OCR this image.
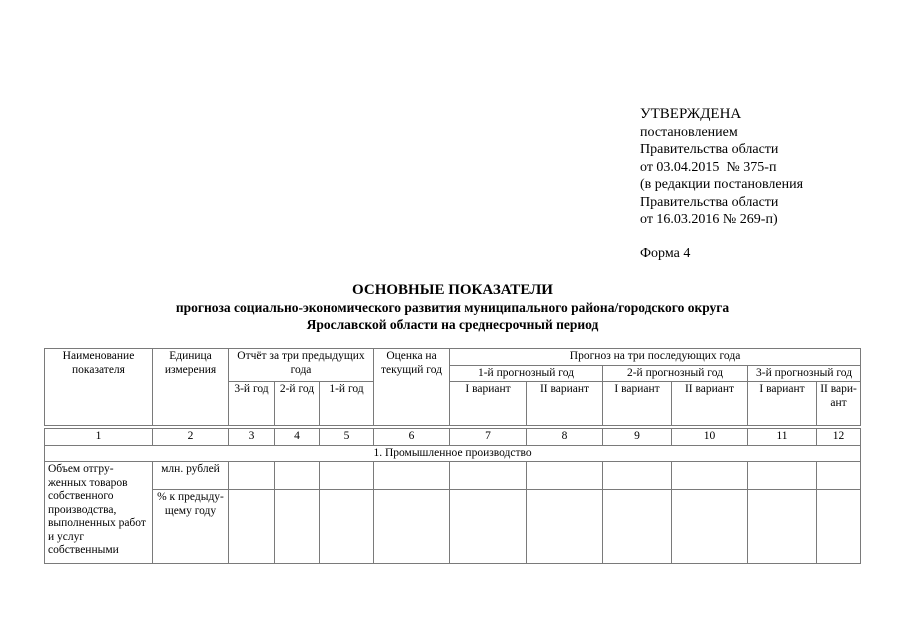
УТВЕРЖДЕНА
постановлением
Правительства области
от 03.04.2015  № 375-п
(в редакции постановления
Правительства области
от 16.03.2016 № 269-п)
Форма 4
ОСНОВНЫЕ ПОКАЗАТЕЛИ
прогноза социально-экономического развития муниципального района/городского округа
Ярославской области на среднесрочный период
Наименование показателя	Единица измерения	Отчёт за три предыдущих года			Оценка на текущий год	Прогноз на три последующих года					
						1-й прогнозный год		2-й прогнозный год		3-й прогнозный год	
		3-й год	2-й год	1-й год		I вариант	II вариант	I вариант	II вариант	I вариант	II вари-ант

1	2	3	4	5	6	7	8	9	10	11	12
1. Промышленное производство											
Объем отгру-женных товаров собственного производства, выполненных работ и услуг собственными	млн. рублей										
	% к предыду-щему году										
